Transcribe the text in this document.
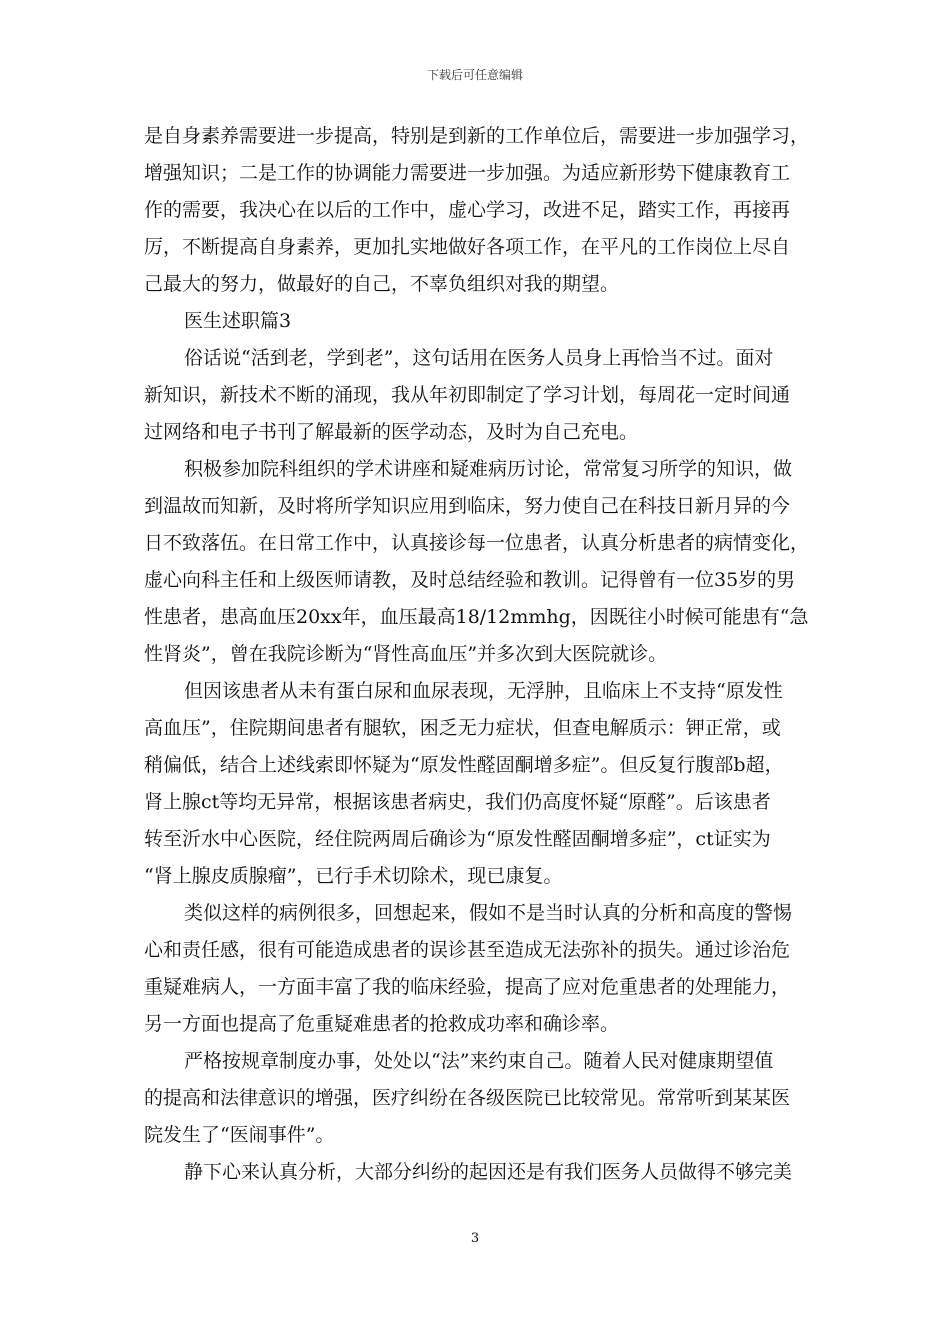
下载后可任意编辑
是自身素养需要进一步提高，特别是到新的工作单位后，需要进一步加强学习，
增强知识；二是工作的协调能力需要进一步加强。为适应新形势下健康教育工
作的需要，我决心在以后的工作中，虚心学习，改进不足，踏实工作，再接再
厉，不断提高自身素养，更加扎实地做好各项工作，在平凡的工作岗位上尽自
己最大的努力，做最好的自己，不辜负组织对我的期望。
医生述职篇3
俗话说“活到老，学到老”，这句话用在医务人员身上再恰当不过。面对
新知识，新技术不断的涌现，我从年初即制定了学习计划，每周花一定时间通
过网络和电子书刊了解最新的医学动态，及时为自己充电。
积极参加院科组织的学术讲座和疑难病历讨论，常常复习所学的知识，做
到温故而知新，及时将所学知识应用到临床，努力使自己在科技日新月异的今
日不致落伍。在日常工作中，认真接诊每一位患者，认真分析患者的病情变化，
虚心向科主任和上级医师请教，及时总结经验和教训。记得曾有一位35岁的男
性患者，患高血压20xx年，血压最高18/12mmhg，因既往小时候可能患有“急
性肾炎”，曾在我院诊断为“肾性高血压”并多次到大医院就诊。
但因该患者从未有蛋白尿和血尿表现，无浮肿，且临床上不支持“原发性
高血压”，住院期间患者有腿软，困乏无力症状，但查电解质示：钾正常，或
稍偏低，结合上述线索即怀疑为“原发性醛固酮增多症”。但反复行腹部b超，
肾上腺ct等均无异常，根据该患者病史，我们仍高度怀疑“原醛”。后该患者
转至沂水中心医院，经住院两周后确诊为“原发性醛固酮增多症”，ct证实为
“肾上腺皮质腺瘤”，已行手术切除术，现已康复。
类似这样的病例很多，回想起来，假如不是当时认真的分析和高度的警惕
心和责任感，很有可能造成患者的误诊甚至造成无法弥补的损失。通过诊治危
重疑难病人，一方面丰富了我的临床经验，提高了应对危重患者的处理能力，
另一方面也提高了危重疑难患者的抢救成功率和确诊率。
严格按规章制度办事，处处以“法”来约束自己。随着人民对健康期望值
的提高和法律意识的增强，医疗纠纷在各级医院已比较常见。常常听到某某医
院发生了“医闹事件”。
静下心来认真分析，大部分纠纷的起因还是有我们医务人员做得不够完美
3
